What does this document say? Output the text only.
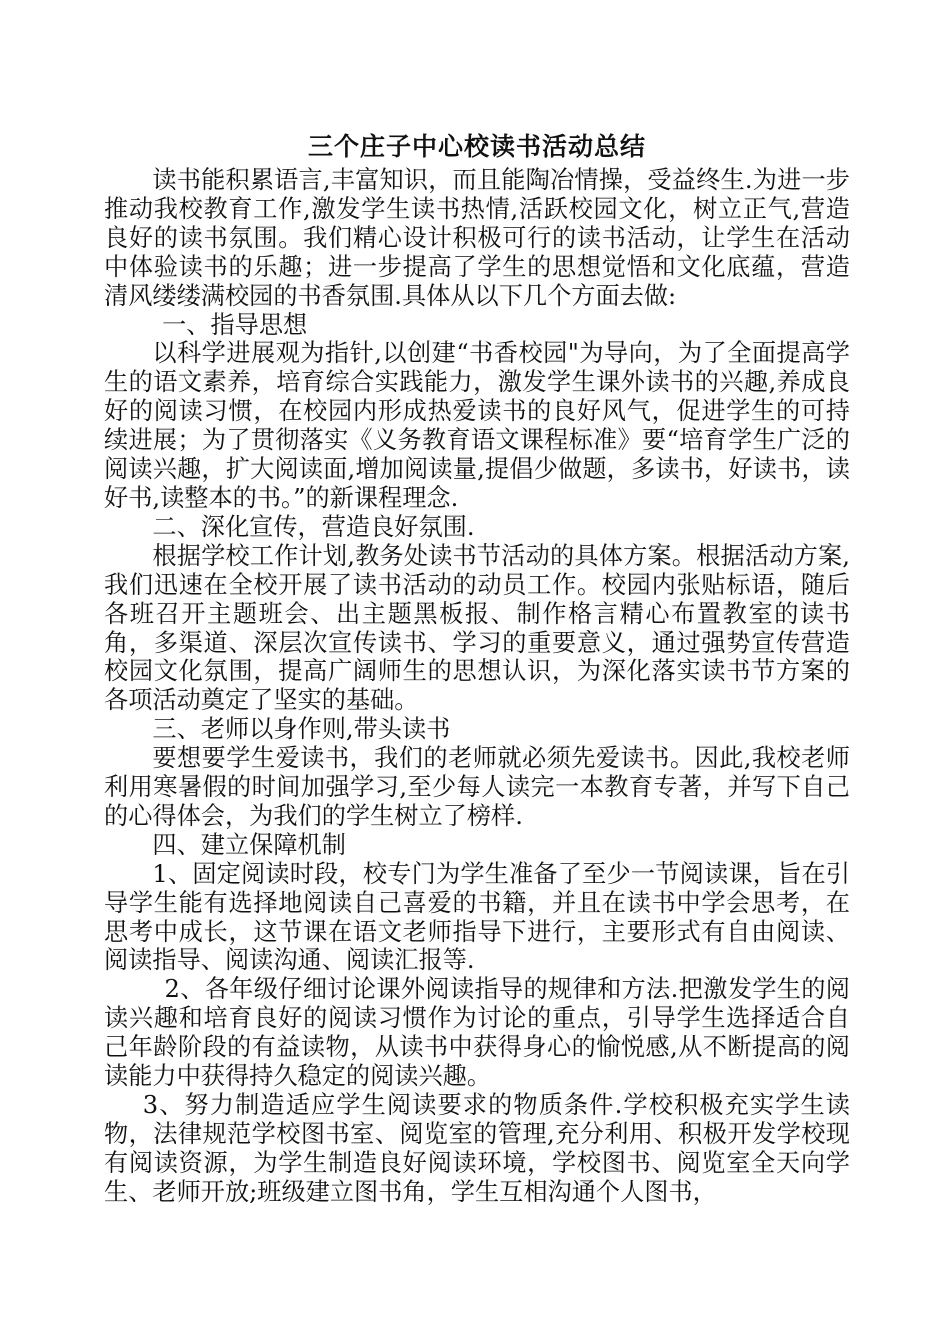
三个庄子中心校读书活动总结

读书能积累语言,丰富知识，而且能陶冶情操，受益终生.为进一步推动我校教育工作,激发学生读书热情,活跃校园文化，树立正气,营造良好的读书氛围。我们精心设计积极可行的读书活动，让学生在活动中体验读书的乐趣；进一步提高了学生的思想觉悟和文化底蕴，营造清风缕缕满校园的书香氛围.具体从以下几个方面去做:

一、指导思想

以科学进展观为指针,以创建“书香校园"为导向，为了全面提高学生的语文素养，培育综合实践能力，激发学生课外读书的兴趣,养成良好的阅读习惯，在校园内形成热爱读书的良好风气，促进学生的可持续进展；为了贯彻落实《义务教育语文课程标准》要“培育学生广泛的阅读兴趣，扩大阅读面,增加阅读量,提倡少做题，多读书，好读书，读好书,读整本的书。”的新课程理念.

二、深化宣传，营造良好氛围.

根据学校工作计划,教务处读书节活动的具体方案。根据活动方案,我们迅速在全校开展了读书活动的动员工作。校园内张贴标语，随后各班召开主题班会、出主题黑板报、制作格言精心布置教室的读书角，多渠道、深层次宣传读书、学习的重要意义，通过强势宣传营造校园文化氛围，提高广阔师生的思想认识，为深化落实读书节方案的各项活动奠定了坚实的基础。

三、老师以身作则,带头读书

要想要学生爱读书，我们的老师就必须先爱读书。因此,我校老师利用寒暑假的时间加强学习,至少每人读完一本教育专著，并写下自己的心得体会，为我们的学生树立了榜样.

四、建立保障机制

1、固定阅读时段，校专门为学生准备了至少一节阅读课，旨在引导学生能有选择地阅读自己喜爱的书籍，并且在读书中学会思考，在思考中成长，这节课在语文老师指导下进行，主要形式有自由阅读、阅读指导、阅读沟通、阅读汇报等.

2、各年级仔细讨论课外阅读指导的规律和方法.把激发学生的阅读兴趣和培育良好的阅读习惯作为讨论的重点，引导学生选择适合自己年龄阶段的有益读物，从读书中获得身心的愉悦感,从不断提高的阅读能力中获得持久稳定的阅读兴趣。

3、努力制造适应学生阅读要求的物质条件.学校积极充实学生读物，法律规范学校图书室、阅览室的管理,充分利用、积极开发学校现有阅读资源，为学生制造良好阅读环境，学校图书、阅览室全天向学生、老师开放;班级建立图书角，学生互相沟通个人图书，
